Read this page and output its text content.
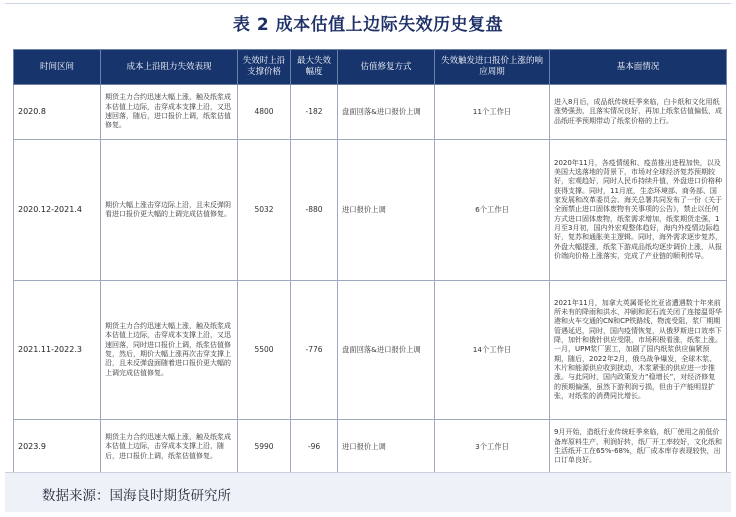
表 2 成本估值上边际失效历史复盘
时间区间	成本上沿阻力失效表现	失效时上沿支撑价格	最大失效幅度	估值修复方式	失效触发进口报价上涨的响应周期	基本面情况
2020.8	期货主力合约迅速大幅上涨，触及纸浆成本估值上边际，击穿成本支撑上沿，又迅速回落，随后，进口报价上调，纸浆估值修复。	4800	-182	盘面回落&进口报价上调	11个工作日	进入8月后，成品纸传统旺季来临，白卡纸和文化用纸涨势强劲，且落实情况良好，再加上纸浆估值偏低，成品纸旺季预期带动了纸浆价格的上行。
2020.12-2021.4	期价大幅上涨击穿边际上沿，且未反弹阴看进口报价更大幅的上调完成估值修复。	5032	-880	进口报价上调	6个工作日	2020年11月，各疫情缓和、疫苗推出进程加快，以及美国大选落地的背景下，市场对全球经济复苏预期较好，宏观趋好，同时人民币持续升值，外盘进口价格种获得支撑。同时，11月底，生态环境部、商务部、国家发展和改革委员会、海关总署共同发布了一份《关于全面禁止进口固体废物有关事项的公告》，禁止以任何方式进口固体废物，纸浆需求增加，纸浆期货走强，1月至3月初，国内外宏观整体趋好，海内外疫情边际趋好，复苏和通胀美主逻辑。同时，海外需求逐步复苏，外盘大幅提涨，纸浆下游成品纸均逐步调价上涨，从报价端向价格上涨落实，完成了产业链的顺利传导。
2021.11-2022.3	期货主力合约迅速大幅上涨，触及纸浆成本估值上边际，击穿成本支撑上沿，又迅速回落，同时进口报价上调，纸浆估值修复，然后，期价大幅上涨再次击穿支撑上沿，且未反弹盘面随着进口报价更大幅的上调完成估值修复。	5500	-776	盘面回落&进口报价上调	14个工作日	2021年11月，加拿大英属哥伦比亚省遭遇数十年来前所未有的降雨和洪水，冲刷和泥石流关闭了连接温哥华港和火车交通的CN和CP铁路线，物流受阻，浆厂期期管遇延迟，同时，国内疫情恢复，从俄罗斯进口效率下降，加针和俄针供应受限，市场积极看涨，纸浆上涨。一月，UPM浆厂罢工，加剧了国内纸浆供应偏紧预期，随后，2022年2月，俄乌战争爆发，全球木浆、木片和能源供应收到扰动，木浆紧张的供应进一步推涨。与此同时，国内政策发力“稳增长”，对经济修复的预期偏强，虽然下游利润亏损，但由于产能明显扩张，对纸浆的消费同比增长。
2023.9	期货主力合约迅速大幅上涨，触及纸浆成本估值上边际，击穿成本支撑上沿，随后，进口报价上调，纸浆估值修复。	5990	-96	进口报价上调	3个工作日	9月开始，造纸行业传统旺季来临，纸厂使用之前低价备库原料生产，利润好转，纸厂开工率较好，文化纸和生活纸开工在65%-68%，纸厂成本库存表现较快，出口订单良好。
数据来源：国海良时期货研究所
